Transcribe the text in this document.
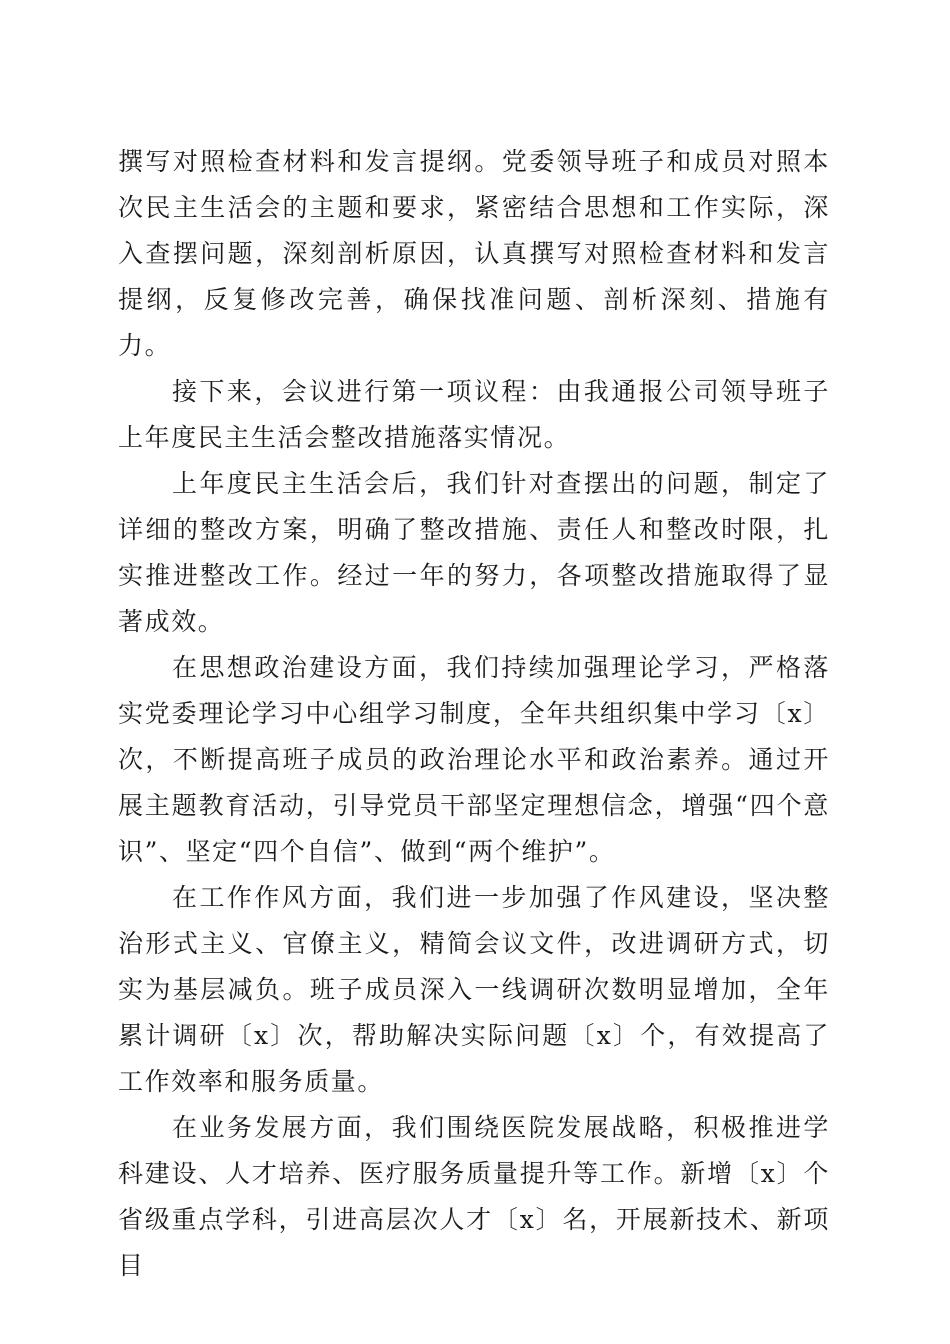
撰写对照检查材料和发言提纲。党委领导班子和成员对照本次民主生活会的主题和要求，紧密结合思想和工作实际，深入查摆问题，深刻剖析原因，认真撰写对照检查材料和发言提纲，反复修改完善，确保找准问题、剖析深刻、措施有力。

接下来，会议进行第一项议程：由我通报公司领导班子上年度民主生活会整改措施落实情况。

上年度民主生活会后，我们针对查摆出的问题，制定了详细的整改方案，明确了整改措施、责任人和整改时限，扎实推进整改工作。经过一年的努力，各项整改措施取得了显著成效。

在思想政治建设方面，我们持续加强理论学习，严格落实党委理论学习中心组学习制度，全年共组织集中学习〔x〕次，不断提高班子成员的政治理论水平和政治素养。通过开展主题教育活动，引导党员干部坚定理想信念，增强“四个意识”、坚定“四个自信”、做到“两个维护”。

在工作作风方面，我们进一步加强了作风建设，坚决整治形式主义、官僚主义，精简会议文件，改进调研方式，切实为基层减负。班子成员深入一线调研次数明显增加，全年累计调研〔x〕次，帮助解决实际问题〔x〕个，有效提高了工作效率和服务质量。

在业务发展方面，我们围绕医院发展战略，积极推进学科建设、人才培养、医疗服务质量提升等工作。新增〔x〕个省级重点学科，引进高层次人才〔x〕名，开展新技术、新项目
